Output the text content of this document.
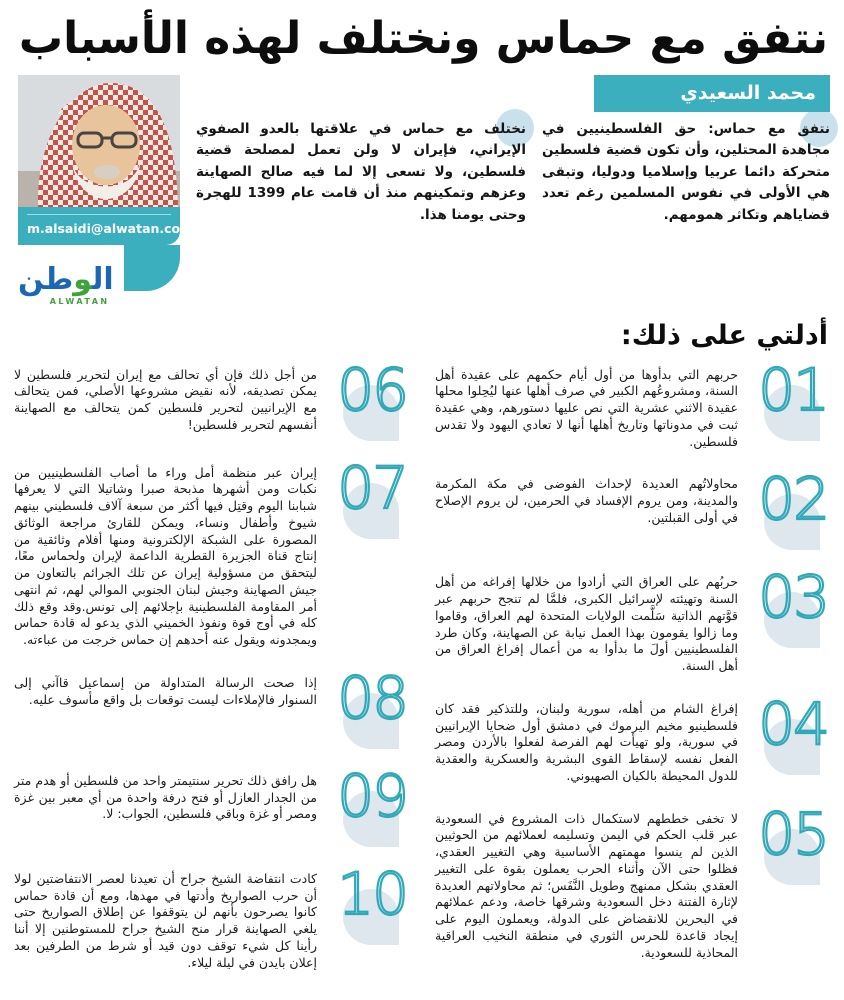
نتفق مع حماس ونختلف لهذه الأسباب

نتفق مع حماس: حق الفلسطينيين في مجاهدة المحتلين، وأن تكون قضية فلسطين متحركة دائما عربيا وإسلاميا ودوليا، وتبقى هي الأولى في نفوس المسلمين رغم تعدد قضاياهم وتكاثر همومهم.

نختلف مع حماس في علاقتها بالعدو الصفوي الإيراني، فإيران لا ولن تعمل لمصلحة قضية فلسطين، ولا تسعى إلا لما فيه صالح الصهاينة وعزهم وتمكينهم منذ أن قامت عام 1399 للهجرة وحتى يومنا هذا.

m.alsaidi@alwatan.com.sa
الوطن
ALWATAN
محمد السعيدي
أدلتي على ذلك:
01

حربهم التي بدأوها من أول أيام حكمهم على عقيدة أهل السنة، ومشروعُهم الكبير في صرف أهلها عنها ليُحِلوا محلها عقيدة الاثني عشرية التي نص عليها دستورهم، وهي عقيدة ثبت في مدوناتها وتاريخ أهلها أنها لا تعادي اليهود ولا تقدس فلسطين.

02

محاولاتُهم العديدة لإحداث الفوضى في مكة المكرمة والمدينة، ومن يروم الإفساد في الحرمين، لن يروم الإصلاح في أولى القبلتين.

03

حربُهم على العراق التي أرادوا من خلالها إفراغه من أهل السنة وتهيئته لإسرائيل الكبرى، فلمَّا لم تنجح حربهم عبر قوَّتهم الذاتية سَلَّمت الولايات المتحدة لهم العراق، وقاموا وما زالوا يقومون بهذا العمل نيابة عن الصهاينة، وكان طرد الفلسطينيين أولَ ما بدأوا به من أعمال إفراغ العراق من أهل السنة.

04

إفراغ الشام من أهله، سورية ولبنان، وللتذكير فقد كان فلسطينيو مخيم اليرموك في دمشق أول ضحايا الإيرانيين في سورية، ولو تهيأت لهم الفرصة لفعلوا بالأردن ومصر الفعل نفسه لإسقاط القوى البشرية والعسكرية والعقدية للدول المحيطة بالكيان الصهيوني.

05

لا تخفى خططهم لاستكمال ذات المشروع في السعودية عبر قلب الحكم في اليمن وتسليمه لعملائهم من الحوثيين الذين لم ينسوا مهمتهم الأساسية وهي التغيير العقدي، فظلوا حتى الآن وأثناء الحرب يعملون بقوة على التغيير العقدي بشكل ممنهج وطويل النَّفَس؛ ثم محاولاتهم العديدة لإثارة الفتنة دخل السعودية وشرقها خاصة، ودعم عملائهم في البحرين للانقضاض على الدولة، ويعملون اليوم على إيجاد قاعدة للحرس الثوري في منطقة النخيب العراقية المحاذية للسعودية.

06

من أجل ذلك فإن أي تحالف مع إيران لتحرير فلسطين لا يمكن تصديقه، لأنه نقيض مشروعها الأصلي، فمن يتحالف مع الإيرانيين لتحرير فلسطين كمن يتحالف مع الصهاينة أنفسهم لتحرير فلسطين!

07

إيران عبر منظمة أمل وراء ما أصاب الفلسطينيين من نكبات ومن أشهرها مذبحة صبرا وشاتيلا التي لا يعرفها شبابنا اليوم وقتِل فيها أكثر من سبعة آلاف فلسطيني بينهم شيوخ وأطفال ونساء، ويمكن للقارئ مراجعة الوثائق المصورة على الشبكة الإلكترونية ومنها أفلام وثائقية من إنتاج قناة الجزيرة القطرية الداعمة لإيران ولحماس معًا، ليتحقق من مسؤولية إيران عن تلك الجرائم بالتعاون من جيش الصهاينة وجيش لبنان الجنوبي الموالي لهم، ثم انتهى أمر المقاومة الفلسطينية بإجلائهم إلى تونس.وقد وقع ذلك كله في أوج قوة ونفوذ الخميني الذي يدعو له قادة حماس ويمجدونه ويقول عنه أحدهم إن حماس خرجت من عباءته.

08

إذا صحت الرسالة المتداولة من إسماعيل قاآني إلى السنوار فالإملاءات ليست توقعات بل واقع مأسوف عليه.

09

هل رافق ذلك تحرير سنتيمتر واحد من فلسطين أو هدم متر من الجدار العازل أو فتح درفة واحدة من أي معبر بين غزة ومصر أو غزة وباقي فلسطين، الجواب: لا.

10

كادت انتفاضة الشيخ جراح أن تعيدنا لعصر الانتفاضتين لولا أن حرب الصواريخ وأدتها في مهدها، ومع أن قادة حماس كانوا يصرحون بأنهم لن يتوقفوا عن إطلاق الصواريخ حتى يلغي الصهاينة قرار منح الشيخ جراح للمستوطنين إلا أننا رأينا كل شيء توقف دون قيد أو شرط من الطرفين بعد إعلان بايدن في ليلة ليلاء.
